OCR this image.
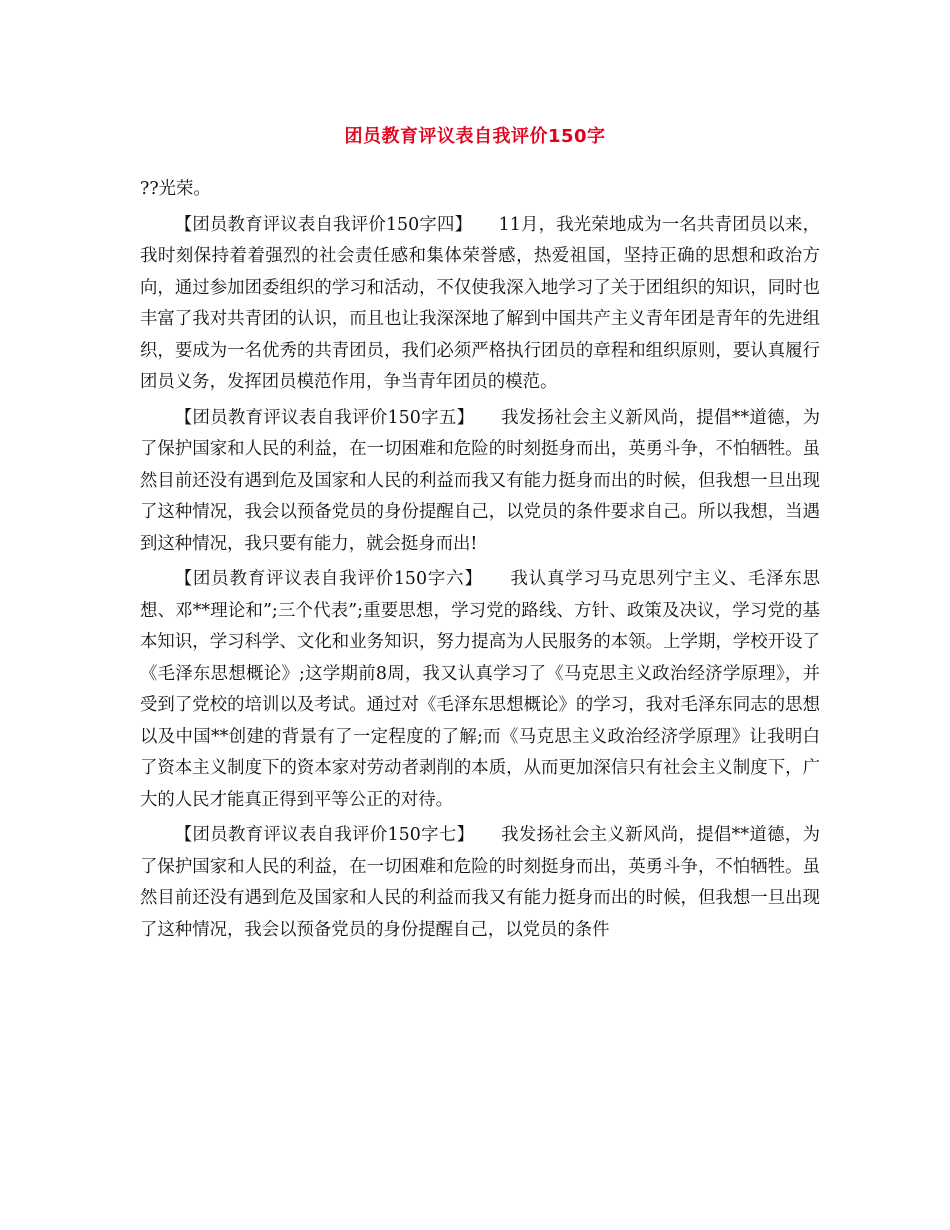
团员教育评议表自我评价150字

??光荣。

【团员教育评议表自我评价150字四】　　11月，我光荣地成为一名共青团员以来，我时刻保持着着强烈的社会责任感和集体荣誉感，热爱祖国，坚持正确的思想和政治方向，通过参加团委组织的学习和活动，不仅使我深入地学习了关于团组织的知识，同时也丰富了我对共青团的认识，而且也让我深深地了解到中国共产主义青年团是青年的先进组织，要成为一名优秀的共青团员，我们必须严格执行团员的章程和组织原则，要认真履行团员义务，发挥团员模范作用，争当青年团员的模范。

【团员教育评议表自我评价150字五】　　我发扬社会主义新风尚，提倡**道德，为了保护国家和人民的利益，在一切困难和危险的时刻挺身而出，英勇斗争，不怕牺牲。虽然目前还没有遇到危及国家和人民的利益而我又有能力挺身而出的时候，但我想一旦出现了这种情况，我会以预备党员的身份提醒自己，以党员的条件要求自己。所以我想，当遇到这种情况，我只要有能力，就会挺身而出!

【团员教育评议表自我评价150字六】　　我认真学习马克思列宁主义、毛泽东思想、邓**理论和”;三个代表”;重要思想，学习党的路线、方针、政策及决议，学习党的基本知识，学习科学、文化和业务知识，努力提高为人民服务的本领。上学期，学校开设了《毛泽东思想概论》;这学期前8周，我又认真学习了《马克思主义政治经济学原理》，并受到了党校的培训以及考试。通过对《毛泽东思想概论》的学习，我对毛泽东同志的思想以及中国**创建的背景有了一定程度的了解;而《马克思主义政治经济学原理》让我明白了资本主义制度下的资本家对劳动者剥削的本质，从而更加深信只有社会主义制度下，广大的人民才能真正得到平等公正的对待。

【团员教育评议表自我评价150字七】　　我发扬社会主义新风尚，提倡**道德，为了保护国家和人民的利益，在一切困难和危险的时刻挺身而出，英勇斗争，不怕牺牲。虽然目前还没有遇到危及国家和人民的利益而我又有能力挺身而出的时候，但我想一旦出现了这种情况，我会以预备党员的身份提醒自己，以党员的条件
